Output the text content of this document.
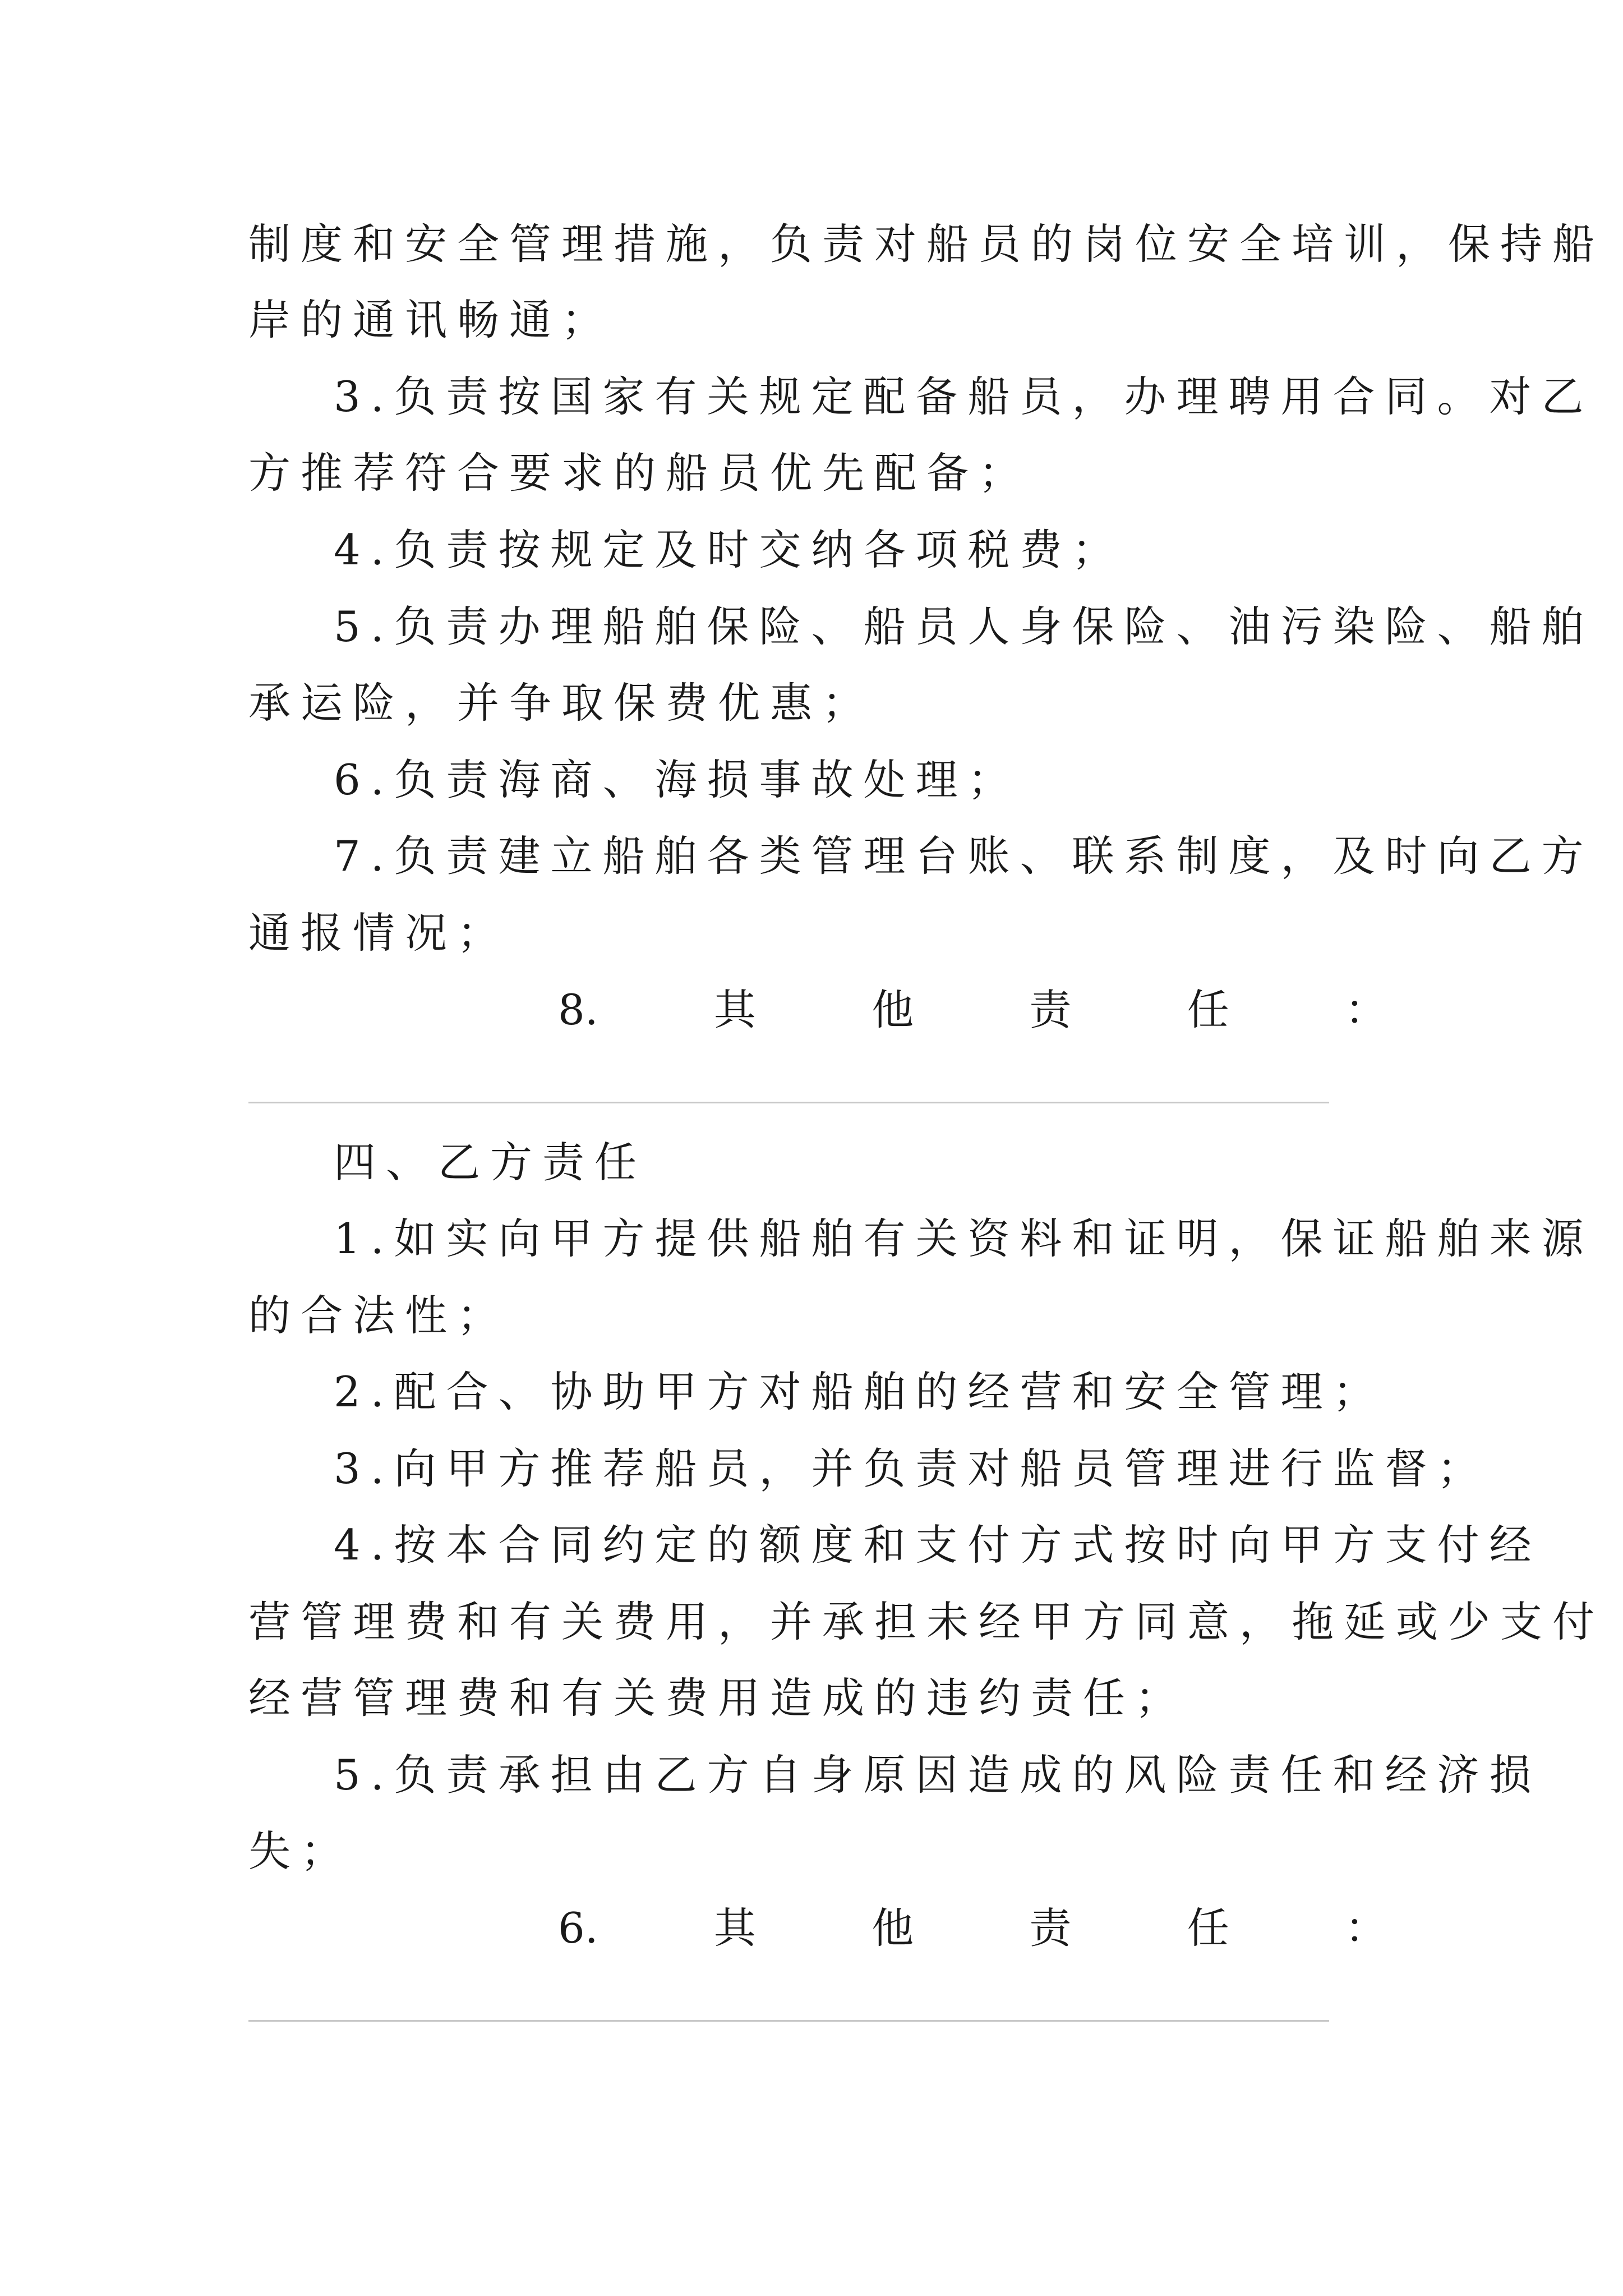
制度和安全管理措施，负责对船员的岗位安全培训，保持船
岸的通讯畅通；
3.负责按国家有关规定配备船员，办理聘用合同。对乙
方推荐符合要求的船员优先配备；
4.负责按规定及时交纳各项税费；
5.负责办理船舶保险、船员人身保险、油污染险、船舶
承运险，并争取保费优惠；
6.负责海商、海损事故处理；
7.负责建立船舶各类管理台账、联系制度，及时向乙方
通报情况；
8.	其	他	责	任	：
四、乙方责任
1.如实向甲方提供船舶有关资料和证明，保证船舶来源
的合法性；
2.配合、协助甲方对船舶的经营和安全管理；
3.向甲方推荐船员，并负责对船员管理进行监督；
4.按本合同约定的额度和支付方式按时向甲方支付经
营管理费和有关费用，并承担未经甲方同意，拖延或少支付
经营管理费和有关费用造成的违约责任；
5.负责承担由乙方自身原因造成的风险责任和经济损
失；
6.	其	他	责	任	：
